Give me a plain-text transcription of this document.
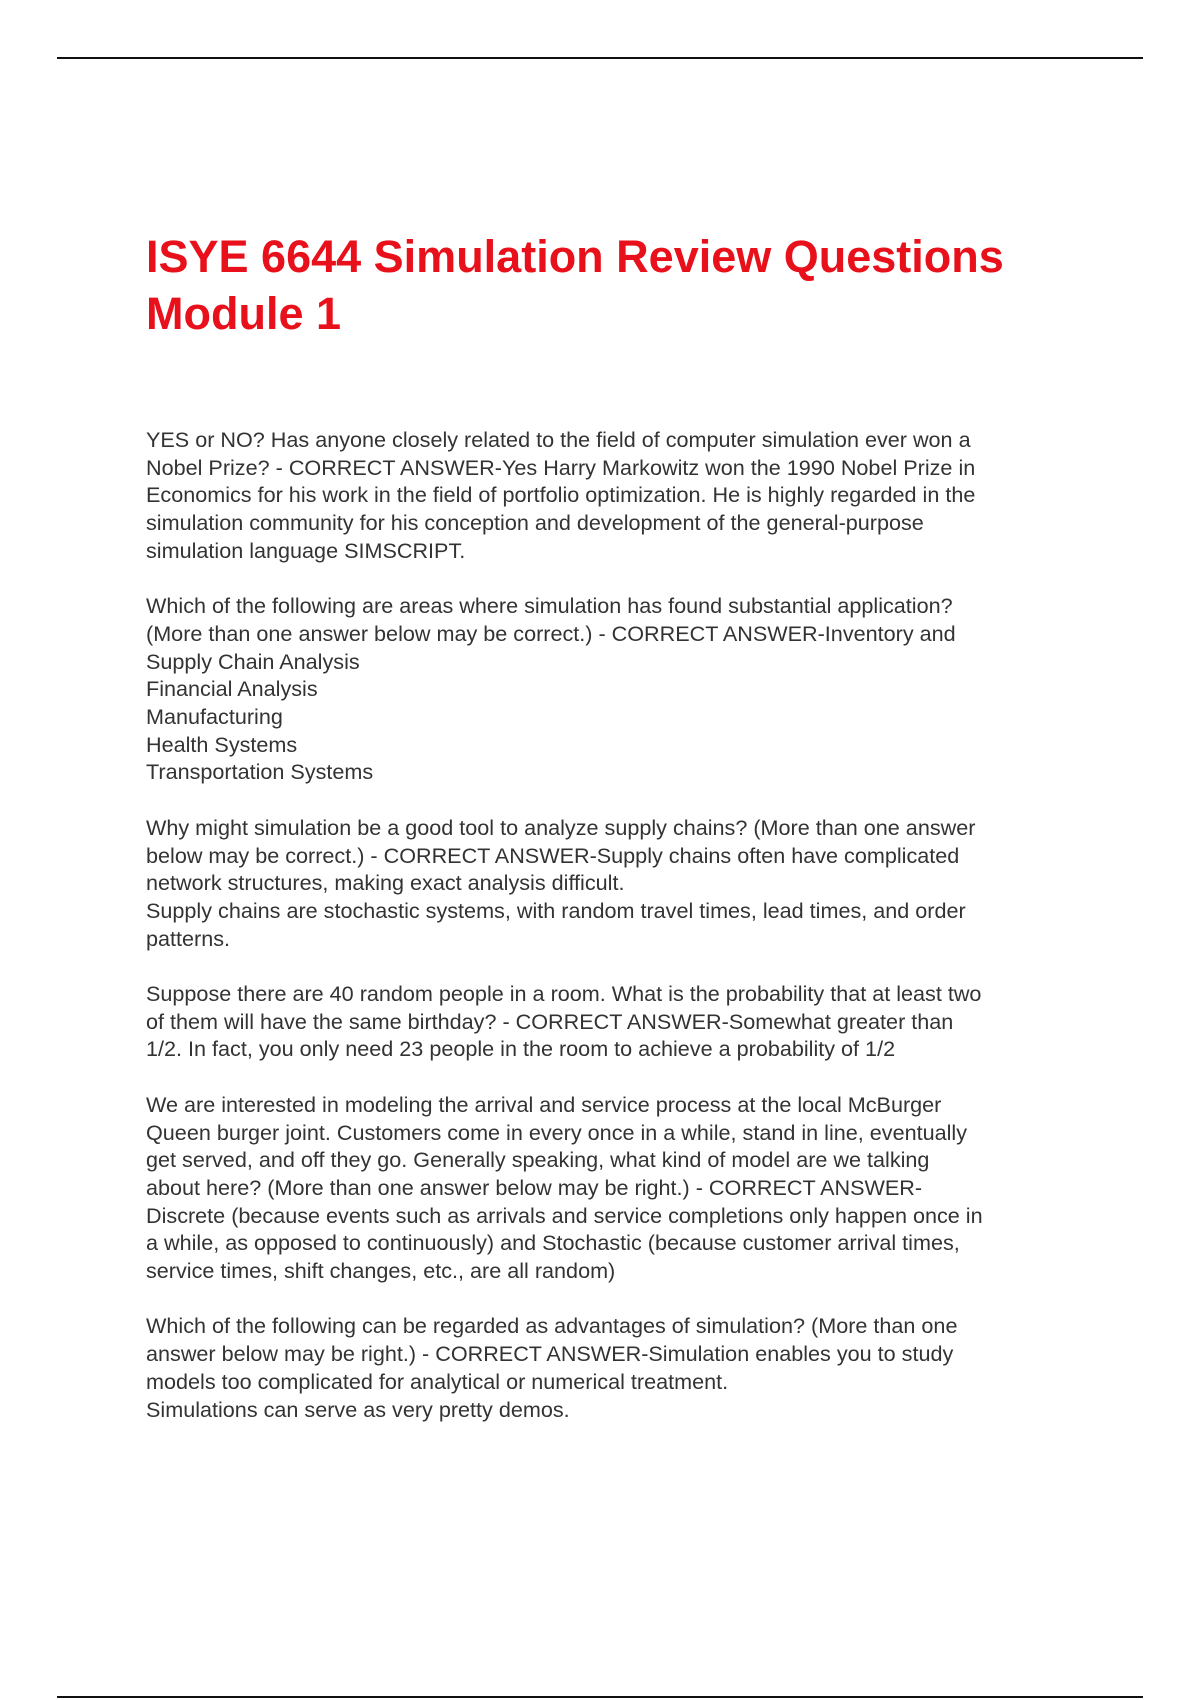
ISYE 6644 Simulation Review Questions
Module 1

YES or NO? Has anyone closely related to the field of computer simulation ever won a
Nobel Prize? - CORRECT ANSWER-Yes Harry Markowitz won the 1990 Nobel Prize in
Economics for his work in the field of portfolio optimization. He is highly regarded in the
simulation community for his conception and development of the general-purpose
simulation language SIMSCRIPT.

Which of the following are areas where simulation has found substantial application?
(More than one answer below may be correct.) - CORRECT ANSWER-Inventory and
Supply Chain Analysis
Financial Analysis
Manufacturing
Health Systems
Transportation Systems

Why might simulation be a good tool to analyze supply chains? (More than one answer
below may be correct.) - CORRECT ANSWER-Supply chains often have complicated
network structures, making exact analysis difficult.
Supply chains are stochastic systems, with random travel times, lead times, and order
patterns.

Suppose there are 40 random people in a room. What is the probability that at least two
of them will have the same birthday? - CORRECT ANSWER-Somewhat greater than
1/2. In fact, you only need 23 people in the room to achieve a probability of 1/2

We are interested in modeling the arrival and service process at the local McBurger
Queen burger joint. Customers come in every once in a while, stand in line, eventually
get served, and off they go. Generally speaking, what kind of model are we talking
about here? (More than one answer below may be right.) - CORRECT ANSWER-
Discrete (because events such as arrivals and service completions only happen once in
a while, as opposed to continuously) and Stochastic (because customer arrival times,
service times, shift changes, etc., are all random)

Which of the following can be regarded as advantages of simulation? (More than one
answer below may be right.) - CORRECT ANSWER-Simulation enables you to study
models too complicated for analytical or numerical treatment.
Simulations can serve as very pretty demos.
